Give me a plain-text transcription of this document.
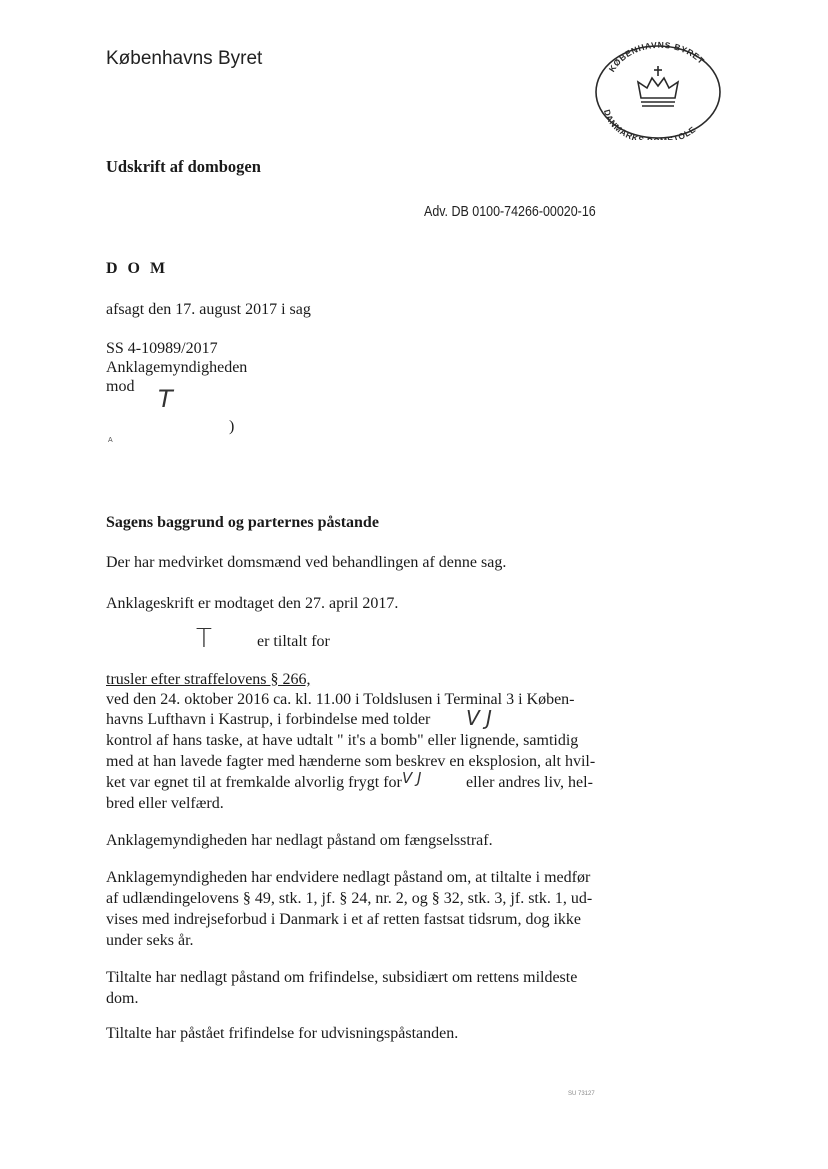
Københavns Byret	KØBENHAVNS BYRET
DANMARKS STOLE
Udskrift af dombogen
Adv. DB 0100-74266-00020-16
D O M
afsagt den 17. august 2017 i sag
SS 4-10989/2017
Anklagemyndigheden
mod T
)
A
Sagens baggrund og parternes påstande
Der har medvirket domsmænd ved behandlingen af denne sag.
Anklageskrift er modtaget den 27. april 2017.
T	er tiltalt for
trusler efter straffelovens § 266,
ved den 24. oktober 2016 ca. kl. 11.00 i Toldslusen i Terminal 3 i Køben-
havns Lufthavn i Kastrup, i forbindelse med tolder V J
kontrol af hans taske, at have udtalt " it's a bomb" eller lignende, samtidig
med at han lavede fagter med hænderne som beskrev en eksplosion, alt hvil-
ket var egnet til at fremkalde alvorlig frygt for V J	eller andres liv, hel-
bred eller velfærd.
Anklagemyndigheden har nedlagt påstand om fængselsstraf.
Anklagemyndigheden har endvidere nedlagt påstand om, at tiltalte i medfør
af udlændingelovens § 49, stk. 1, jf. § 24, nr. 2, og § 32, stk. 3, jf. stk. 1, ud-
vises med indrejseforbud i Danmark i et af retten fastsat tidsrum, dog ikke
under seks år.
Tiltalte har nedlagt påstand om frifindelse, subsidiært om rettens mildeste
dom.
Tiltalte har påstået frifindelse for udvisningspåstanden.
SU 73127
